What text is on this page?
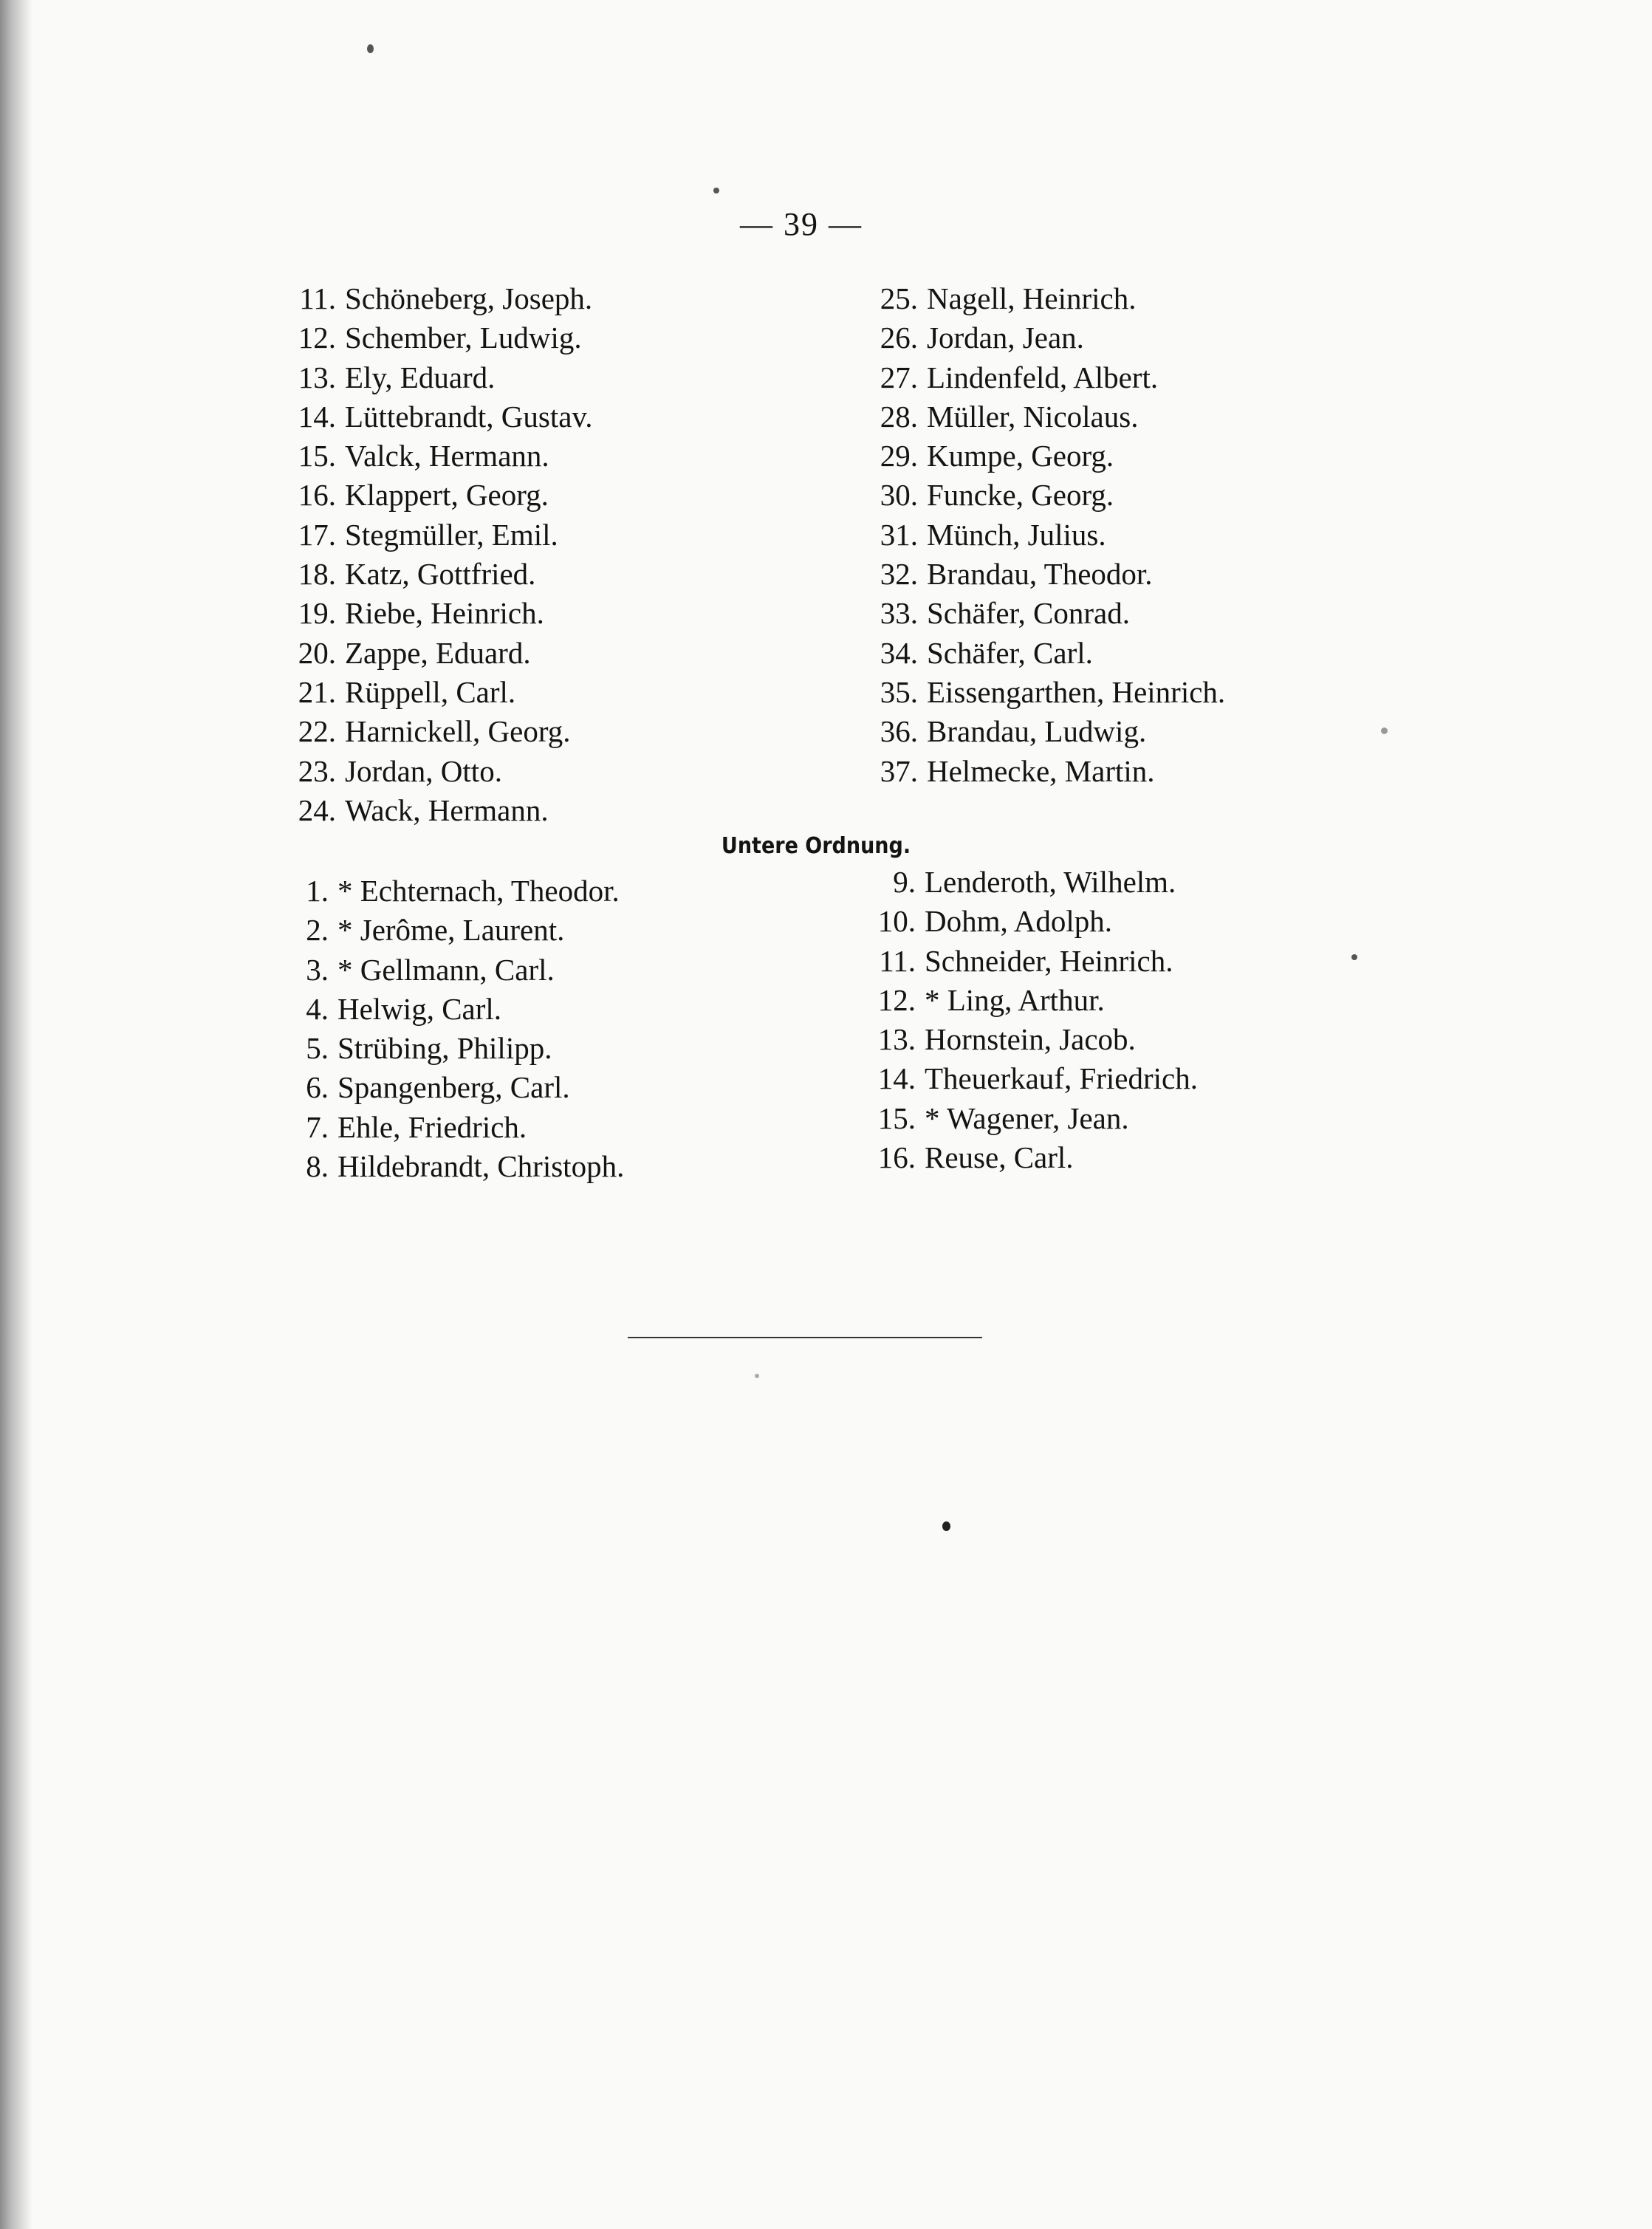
— 39 —
11. Schöneberg, Joseph.
12. Schember, Ludwig.
13. Ely, Eduard.
14. Lüttebrandt, Gustav.
15. Valck, Hermann.
16. Klappert, Georg.
17. Stegmüller, Emil.
18. Katz, Gottfried.
19. Riebe, Heinrich.
20. Zappe, Eduard.
21. Rüppell, Carl.
22. Harnickell, Georg.
23. Jordan, Otto.
24. Wack, Hermann.
25. Nagell, Heinrich.
26. Jordan, Jean.
27. Lindenfeld, Albert.
28. Müller, Nicolaus.
29. Kumpe, Georg.
30. Funcke, Georg.
31. Münch, Julius.
32. Brandau, Theodor.
33. Schäfer, Conrad.
34. Schäfer, Carl.
35. Eissengarthen, Heinrich.
36. Brandau, Ludwig.
37. Helmecke, Martin.
Untere Ordnung.
1. * Echternach, Theodor.
2. * Jerôme, Laurent.
3. * Gellmann, Carl.
4. Helwig, Carl.
5. Strübing, Philipp.
6. Spangenberg, Carl.
7. Ehle, Friedrich.
8. Hildebrandt, Christoph.
9. Lenderoth, Wilhelm.
10. Dohm, Adolph.
11. Schneider, Heinrich.
12. * Ling, Arthur.
13. Hornstein, Jacob.
14. Theuerkauf, Friedrich.
15. * Wagener, Jean.
16. Reuse, Carl.
